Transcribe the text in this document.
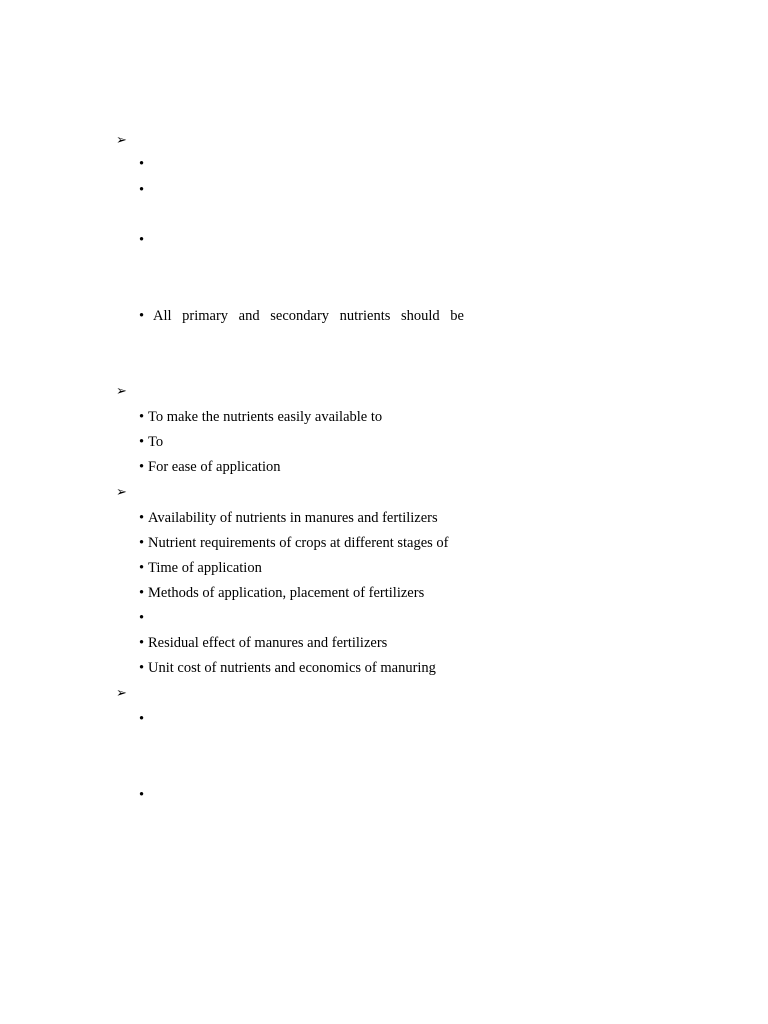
➢
•
•
•
• All primary and secondary nutrients should be
➢
• To make the nutrients easily available to
• To
• For ease of application
➢
• Availability of nutrients in manures and fertilizers
• Nutrient requirements of crops at different stages of
• Time of application
• Methods of application, placement of fertilizers
•
• Residual effect of manures and fertilizers
• Unit cost of nutrients and economics of manuring
➢
•
•
